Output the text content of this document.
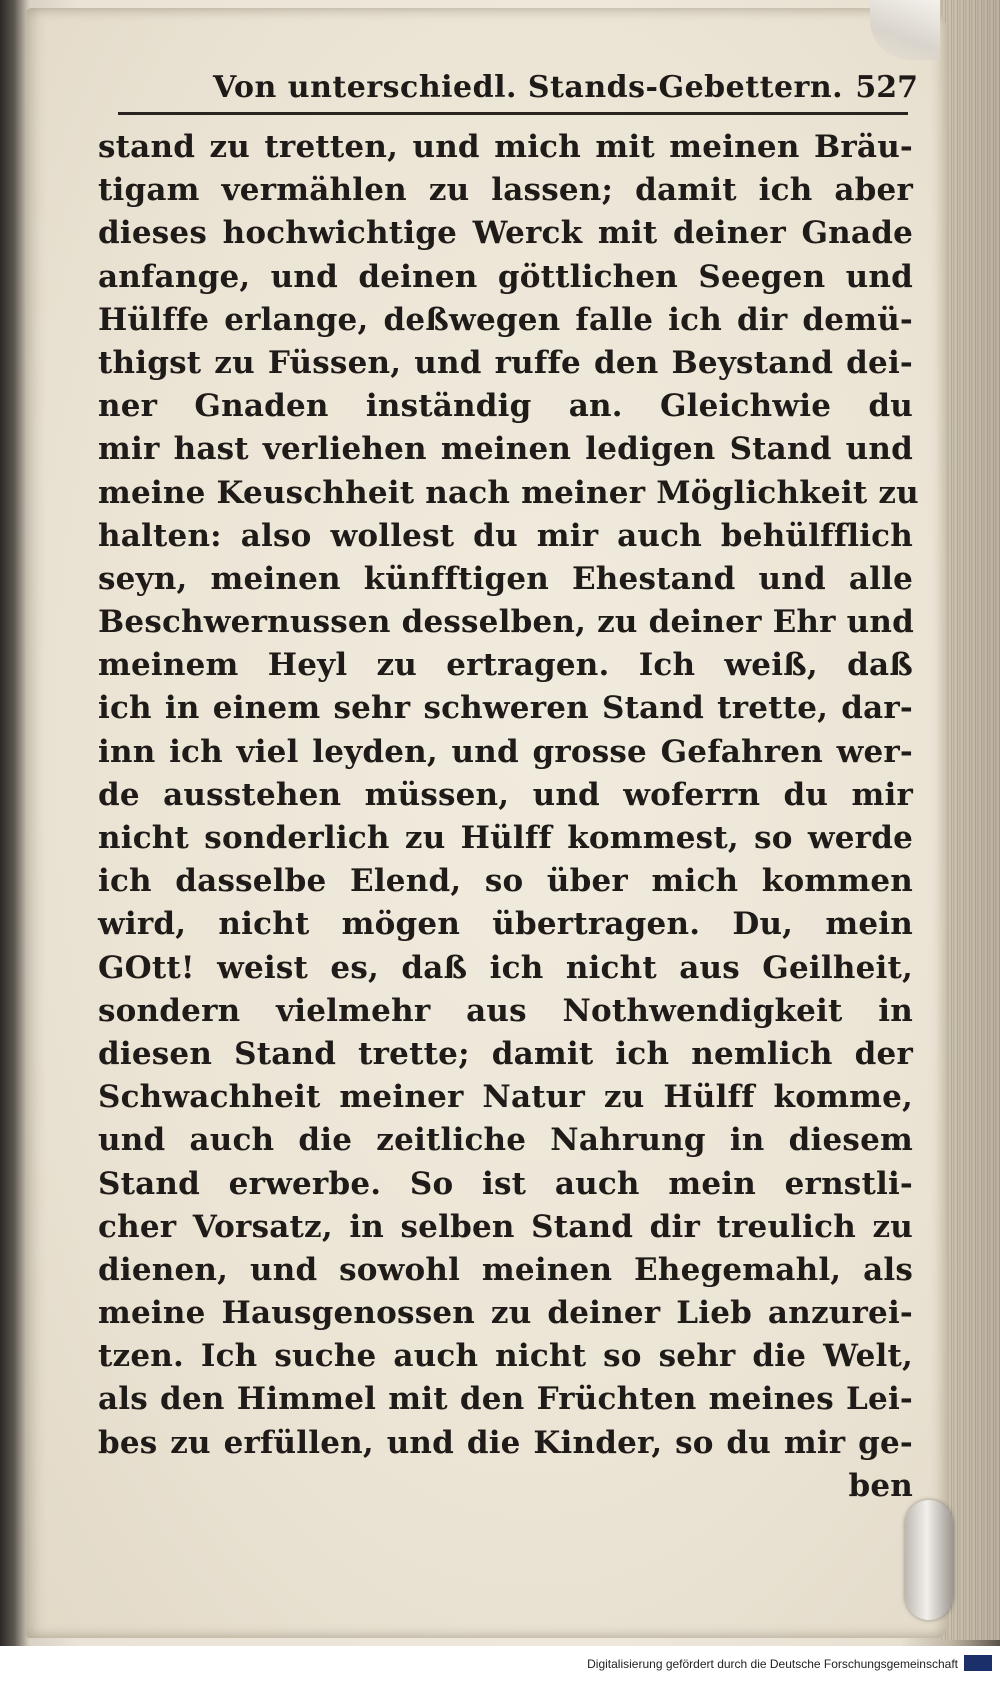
Von unterschiedl. Stands-Gebettern. 527
stand zu tretten, und mich mit meinen Bräu-
tigam vermählen zu lassen; damit ich aber
dieses hochwichtige Werck mit deiner Gnade
anfange, und deinen göttlichen Seegen und
Hülffe erlange, deßwegen falle ich dir demü-
thigst zu Füssen, und ruffe den Beystand dei-
ner Gnaden inständig an. Gleichwie du
mir hast verliehen meinen ledigen Stand und
meine Keuschheit nach meiner Möglichkeit zu
halten: also wollest du mir auch behülfflich
seyn, meinen künfftigen Ehestand und alle
Beschwernussen desselben, zu deiner Ehr und
meinem Heyl zu ertragen. Ich weiß, daß
ich in einem sehr schweren Stand trette, dar-
inn ich viel leyden, und grosse Gefahren wer-
de ausstehen müssen, und woferrn du mir
nicht sonderlich zu Hülff kommest, so werde
ich dasselbe Elend, so über mich kommen
wird, nicht mögen übertragen. Du, mein
GOtt! weist es, daß ich nicht aus Geilheit,
sondern vielmehr aus Nothwendigkeit in
diesen Stand trette; damit ich nemlich der
Schwachheit meiner Natur zu Hülff komme,
und auch die zeitliche Nahrung in diesem
Stand erwerbe. So ist auch mein ernstli-
cher Vorsatz, in selben Stand dir treulich zu
dienen, und sowohl meinen Ehegemahl, als
meine Hausgenossen zu deiner Lieb anzurei-
tzen. Ich suche auch nicht so sehr die Welt,
als den Himmel mit den Früchten meines Lei-
bes zu erfüllen, und die Kinder, so du mir ge-
ben
Digitalisierung gefördert durch die Deutsche Forschungsgemeinschaft
